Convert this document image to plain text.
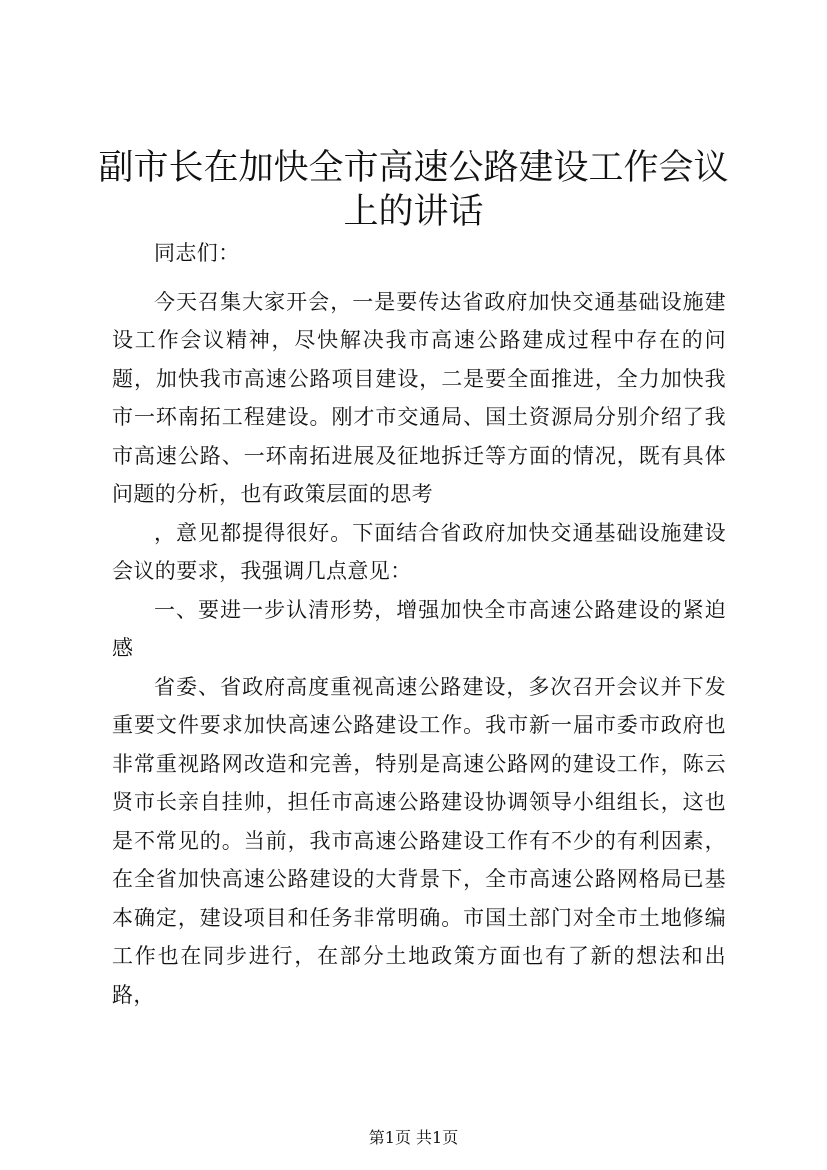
副市长在加快全市高速公路建设工作会议上的讲话

同志们：

今天召集大家开会，一是要传达省政府加快交通基础设施建设工作会议精神，尽快解决我市高速公路建成过程中存在的问题，加快我市高速公路项目建设，二是要全面推进，全力加快我市一环南拓工程建设。刚才市交通局、国土资源局分别介绍了我市高速公路、一环南拓进展及征地拆迁等方面的情况，既有具体问题的分析，也有政策层面的思考

，意见都提得很好。下面结合省政府加快交通基础设施建设会议的要求，我强调几点意见：

一、要进一步认清形势，增强加快全市高速公路建设的紧迫感

省委、省政府高度重视高速公路建设，多次召开会议并下发重要文件要求加快高速公路建设工作。我市新一届市委市政府也非常重视路网改造和完善，特别是高速公路网的建设工作，陈云贤市长亲自挂帅，担任市高速公路建设协调领导小组组长，这也是不常见的。当前，我市高速公路建设工作有不少的有利因素，在全省加快高速公路建设的大背景下，全市高速公路网格局已基本确定，建设项目和任务非常明确。市国土部门对全市土地修编工作也在同步进行，在部分土地政策方面也有了新的想法和出路，

第1页 共1页
